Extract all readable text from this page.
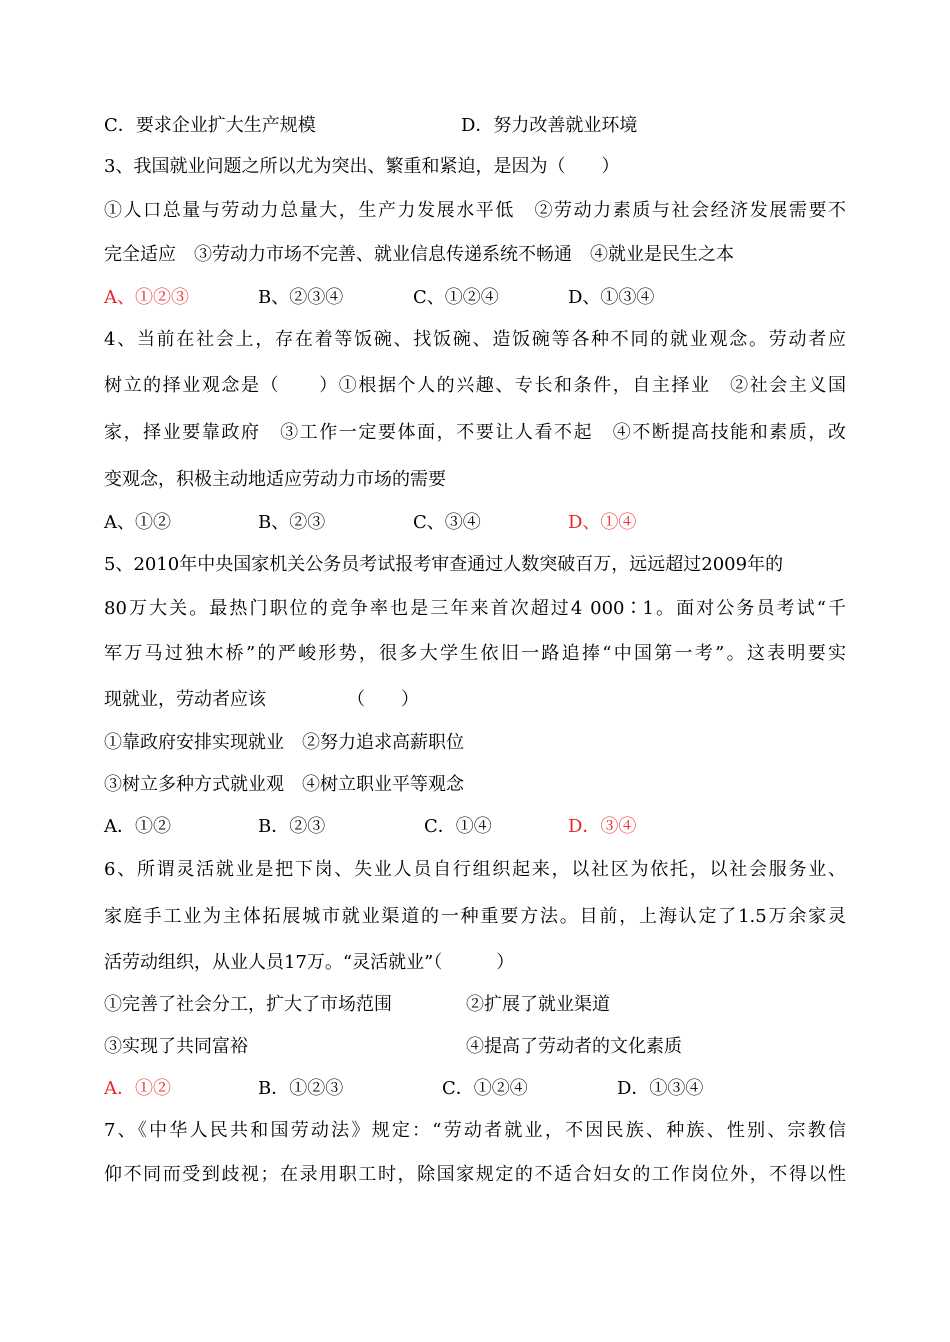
C．要求企业扩大生产规模	D．努力改善就业环境
3、我国就业问题之所以尤为突出、繁重和紧迫，是因为（　　）
①人口总量与劳动力总量大，生产力发展水平低　②劳动力素质与社会经济发展需要不
完全适应　③劳动力市场不完善、就业信息传递系统不畅通　④就业是民生之本
A、①②③	B、②③④	C、①②④	D、①③④
4、当前在社会上，存在着等饭碗、找饭碗、造饭碗等各种不同的就业观念。劳动者应
树立的择业观念是（　　）①根据个人的兴趣、专长和条件，自主择业　②社会主义国
家，择业要靠政府　③工作一定要体面，不要让人看不起　④不断提高技能和素质，改
变观念，积极主动地适应劳动力市场的需要
A、①②	B、②③	C、③④	D、①④
5、2010年中央国家机关公务员考试报考审查通过人数突破百万，远远超过2009年的
80万大关。最热门职位的竞争率也是三年来首次超过4 000∶1。面对公务员考试“千
军万马过独木桥”的严峻形势，很多大学生依旧一路追捧“中国第一考”。这表明要实
现就业，劳动者应该　　　　　（　　）
①靠政府安排实现就业　②努力追求高薪职位
③树立多种方式就业观　④树立职业平等观念
A．①②	B．②③	C．①④	D．③④
6、所谓灵活就业是把下岗、失业人员自行组织起来，以社区为依托，以社会服务业、
家庭手工业为主体拓展城市就业渠道的一种重要方法。目前，上海认定了1.5万余家灵
活劳动组织，从业人员17万。“灵活就业”（　　　）
①完善了社会分工，扩大了市场范围	②扩展了就业渠道
③实现了共同富裕	④提高了劳动者的文化素质
A．①②	B．①②③	C．①②④	D．①③④
7、《中华人民共和国劳动法》规定：“劳动者就业，不因民族、种族、性别、宗教信
仰不同而受到歧视；在录用职工时，除国家规定的不适合妇女的工作岗位外，不得以性
